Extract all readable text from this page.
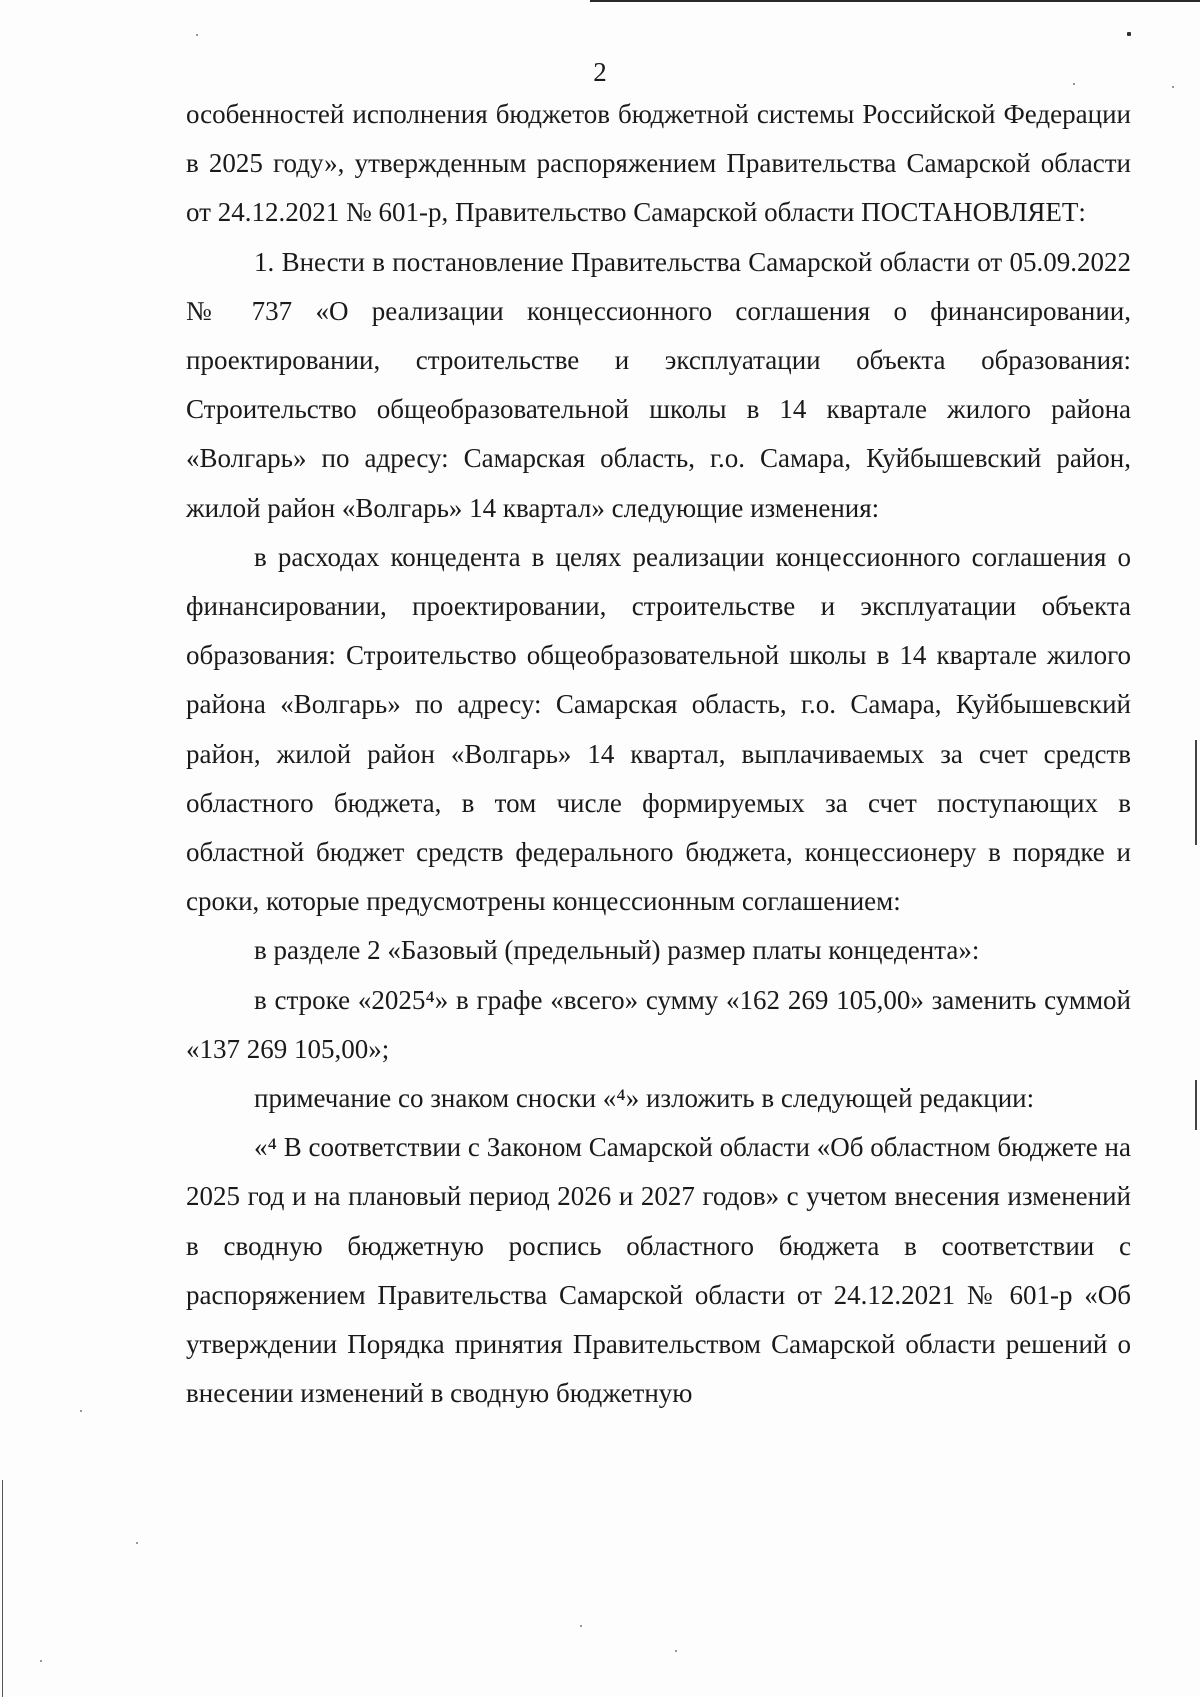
2

особенностей исполнения бюджетов бюджетной системы Российской Федерации в 2025 году», утвержденным распоряжением Правительства Самарской области от 24.12.2021 № 601-р, Правительство Самарской области ПОСТАНОВЛЯЕТ:

1. Внести в постановление Правительства Самарской области от 05.09.2022 № 737 «О реализации концессионного соглашения о финансировании, проектировании, строительстве и эксплуатации объекта образования: Строительство общеобразовательной школы в 14 квартале жилого района «Волгарь» по адресу: Самарская область, г.о. Самара, Куйбышевский район, жилой район «Волгарь» 14 квартал» следующие изменения:

в расходах концедента в целях реализации концессионного соглашения о финансировании, проектировании, строительстве и эксплуатации объекта образования: Строительство общеобразовательной школы в 14 квартале жилого района «Волгарь» по адресу: Самарская область, г.о. Самара, Куйбышевский район, жилой район «Волгарь» 14 квартал, выплачиваемых за счет средств областного бюджета, в том числе формируемых за счет поступающих в областной бюджет средств федерального бюджета, концессионеру в порядке и сроки, которые предусмотрены концессионным соглашением:

в разделе 2 «Базовый (предельный) размер платы концедента»:

в строке «2025⁴» в графе «всего» сумму «162 269 105,00» заменить суммой «137 269 105,00»;

примечание со знаком сноски «⁴» изложить в следующей редакции:

«⁴ В соответствии с Законом Самарской области «Об областном бюджете на 2025 год и на плановый период 2026 и 2027 годов» с учетом внесения изменений в сводную бюджетную роспись областного бюджета в соответствии с распоряжением Правительства Самарской области от 24.12.2021 № 601-р «Об утверждении Порядка принятия Правительством Самарской области решений о внесении изменений в сводную бюджетную
